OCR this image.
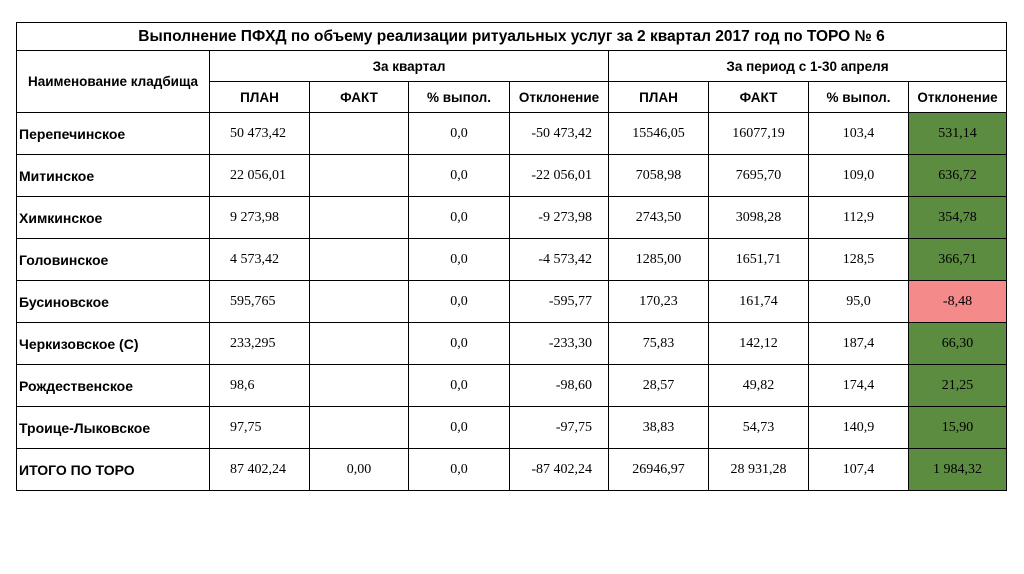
Выполнение ПФХД по объему реализации ритуальных услуг за 2 квартал 2017 год по ТОРО № 6								
Наименование кладбища	За квартал				За период с 1-30 апреля			
	ПЛАН	ФАКТ	% выпол.	Отклонение	ПЛАН	ФАКТ	% выпол.	Отклонение
Перепечинское	50 473,42		0,0	-50 473,42	15546,05	16077,19	103,4	531,14
Митинское	22 056,01		0,0	-22 056,01	7058,98	7695,70	109,0	636,72
Химкинское	9 273,98		0,0	-9 273,98	2743,50	3098,28	112,9	354,78
Головинское	4 573,42		0,0	-4 573,42	1285,00	1651,71	128,5	366,71
Бусиновское	595,765		0,0	-595,77	170,23	161,74	95,0	-8,48
Черкизовское (С)	233,295		0,0	-233,30	75,83	142,12	187,4	66,30
Рождественское	98,6		0,0	-98,60	28,57	49,82	174,4	21,25
Троице-Лыковское	97,75		0,0	-97,75	38,83	54,73	140,9	15,90
ИТОГО ПО ТОРО	87 402,24	0,00	0,0	-87 402,24	26946,97	28 931,28	107,4	1 984,32
